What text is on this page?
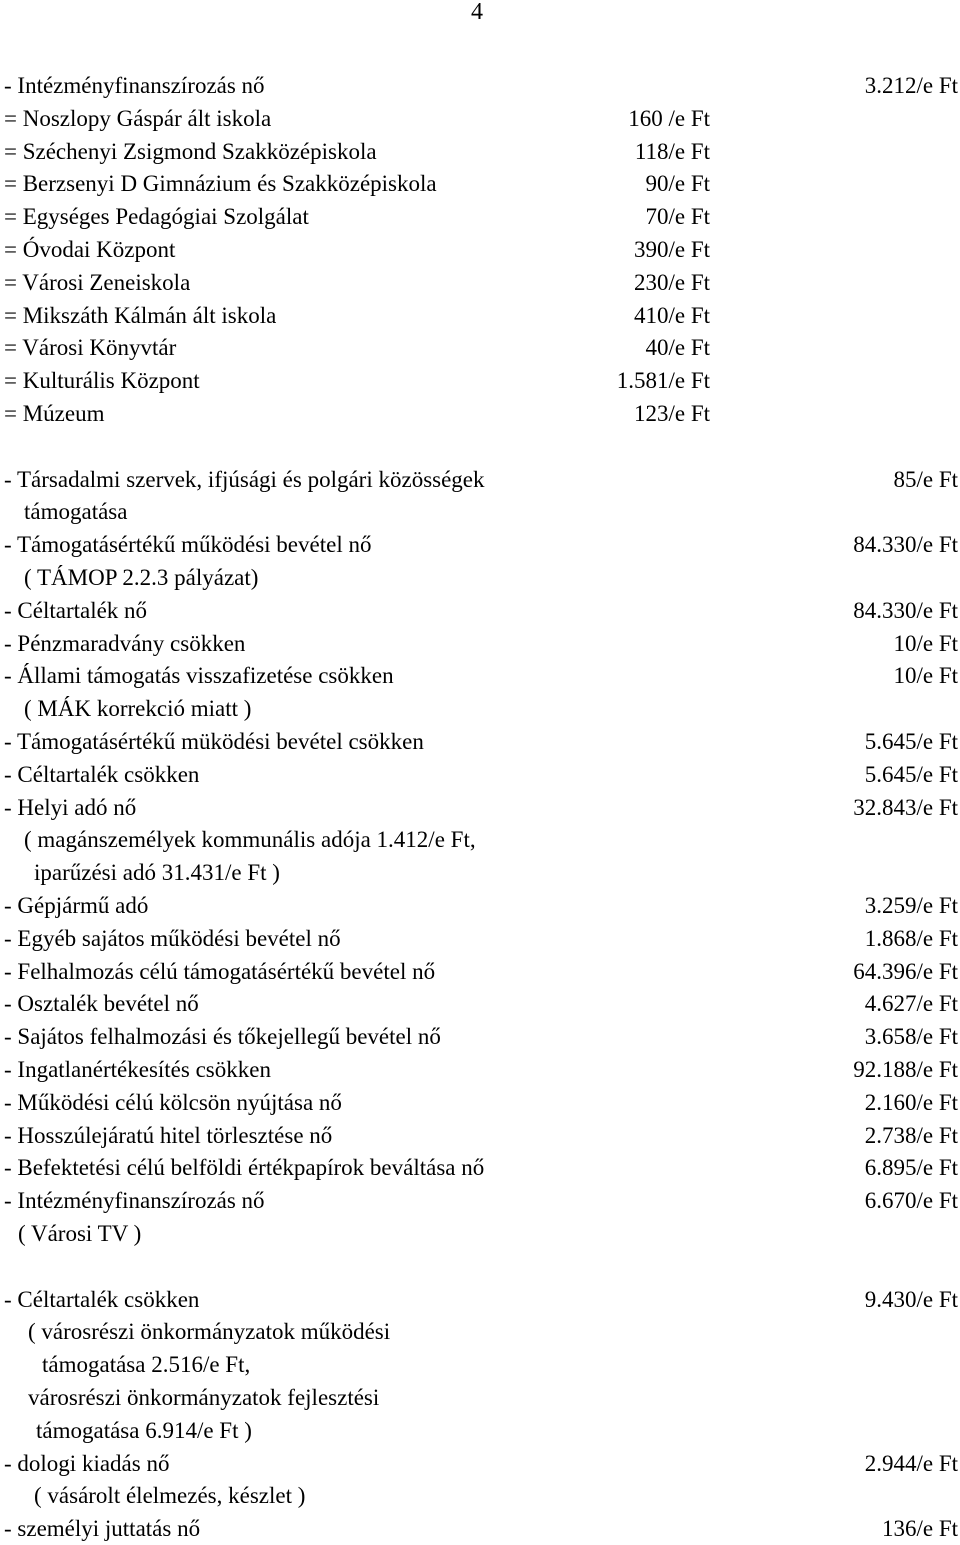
4
- Intézményfinanszírozás nő	3.212/e Ft
= Noszlopy Gáspár ált iskola	160 /e Ft
= Széchenyi Zsigmond Szakközépiskola	118/e Ft
= Berzsenyi D Gimnázium és Szakközépiskola	90/e Ft
= Egységes Pedagógiai Szolgálat	70/e Ft
= Óvodai Központ	390/e Ft
= Városi Zeneiskola	230/e Ft
= Mikszáth Kálmán ált iskola	410/e Ft
= Városi Könyvtár	40/e Ft
= Kulturális Központ	1.581/e Ft
= Múzeum	123/e Ft
- Társadalmi szervek, ifjúsági és polgári közösségek	85/e Ft
támogatása
- Támogatásértékű működési bevétel nő	84.330/e Ft
( TÁMOP 2.2.3 pályázat)
- Céltartalék nő	84.330/e Ft
- Pénzmaradvány csökken	10/e Ft
- Állami támogatás visszafizetése csökken	10/e Ft
( MÁK korrekció miatt )
- Támogatásértékű müködési bevétel csökken	5.645/e Ft
- Céltartalék csökken	5.645/e Ft
- Helyi adó nő	32.843/e Ft
( magánszemélyek kommunális adója 1.412/e Ft,
iparűzési adó 31.431/e Ft )
- Gépjármű adó	3.259/e Ft
- Egyéb sajátos működési bevétel nő	1.868/e Ft
- Felhalmozás célú támogatásértékű bevétel nő	64.396/e Ft
- Osztalék bevétel nő	4.627/e Ft
- Sajátos felhalmozási és tőkejellegű bevétel nő	3.658/e Ft
- Ingatlanértékesítés csökken	92.188/e Ft
- Működési célú kölcsön nyújtása nő	2.160/e Ft
- Hosszúlejáratú hitel törlesztése nő	2.738/e Ft
- Befektetési célú belföldi értékpapírok beváltása nő	6.895/e Ft
- Intézményfinanszírozás nő	6.670/e Ft
( Városi TV )
- Céltartalék csökken	9.430/e Ft
( városrészi önkormányzatok működési
támogatása 2.516/e Ft,
városrészi önkormányzatok fejlesztési
támogatása 6.914/e Ft )
- dologi kiadás nő	2.944/e Ft
( vásárolt élelmezés, készlet )
- személyi juttatás nő	136/e Ft
